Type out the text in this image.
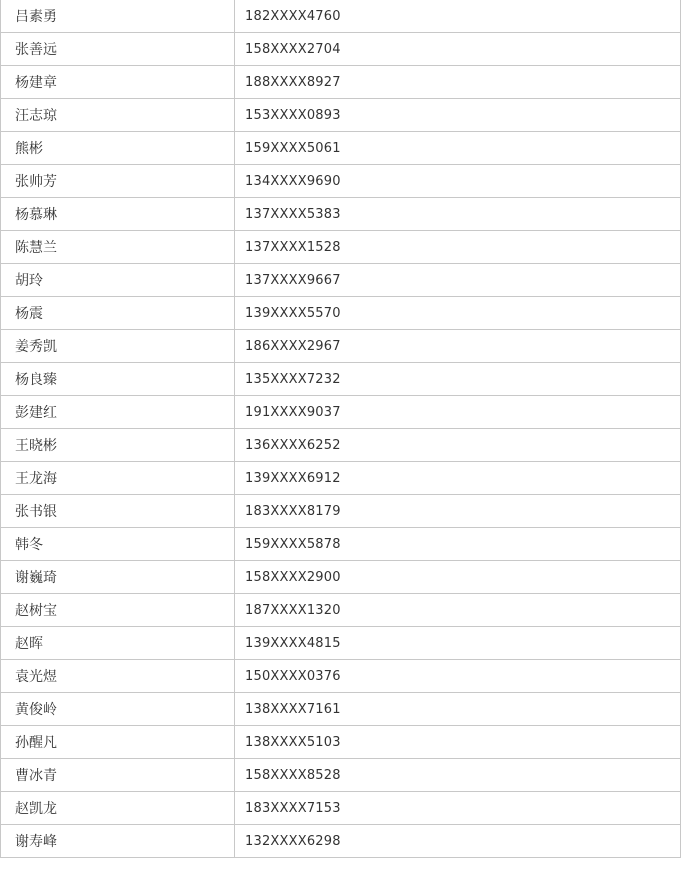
吕素勇	182XXXX4760
张善远	158XXXX2704
杨建章	188XXXX8927
汪志琼	153XXXX0893
熊彬	159XXXX5061
张帅芳	134XXXX9690
杨慕琳	137XXXX5383
陈慧兰	137XXXX1528
胡玲	137XXXX9667
杨震	139XXXX5570
姜秀凯	186XXXX2967
杨良臻	135XXXX7232
彭建红	191XXXX9037
王晓彬	136XXXX6252
王龙海	139XXXX6912
张书银	183XXXX8179
韩冬	159XXXX5878
谢巍琦	158XXXX2900
赵树宝	187XXXX1320
赵晖	139XXXX4815
袁光煜	150XXXX0376
黄俊岭	138XXXX7161
孙醒凡	138XXXX5103
曹冰青	158XXXX8528
赵凯龙	183XXXX7153
谢寿峰	132XXXX6298
